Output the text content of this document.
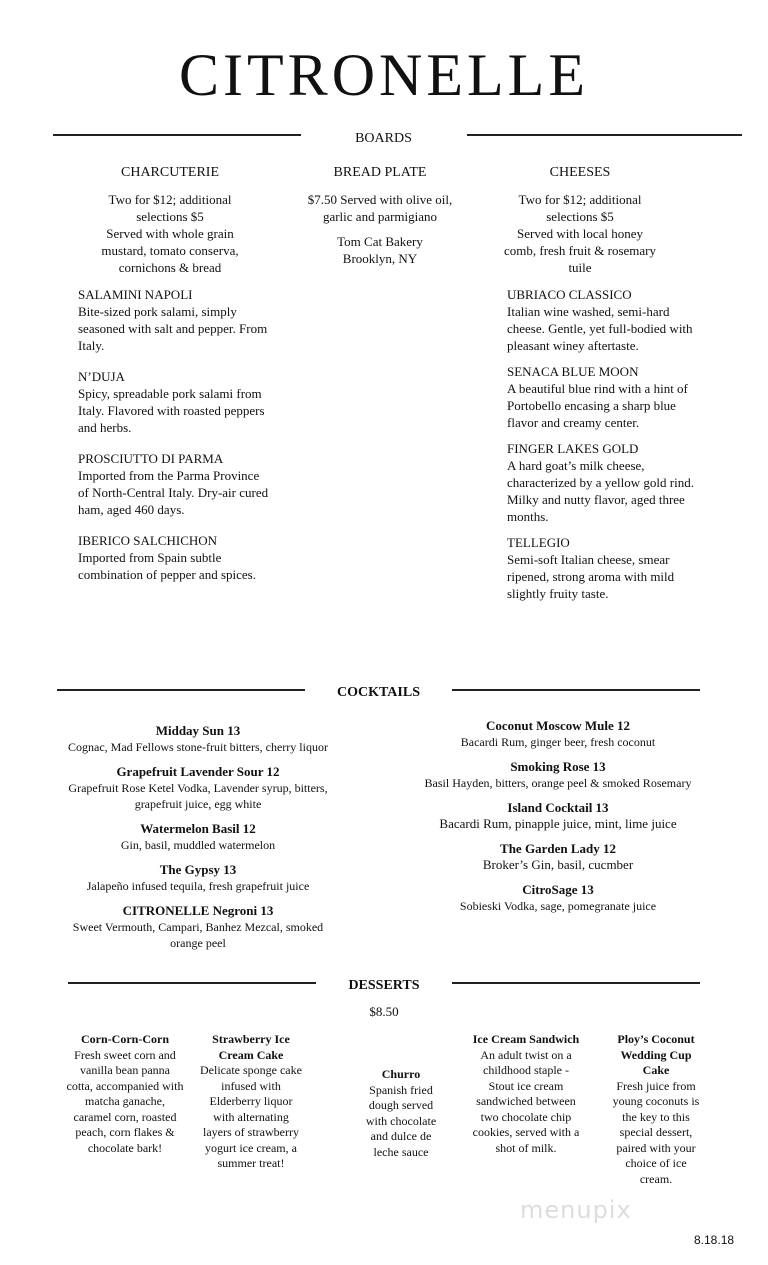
CITRONELLE
BOARDS
CHARCUTERIE
Two for $12; additional selections $5
Served with whole grain mustard, tomato conserva, cornichons & bread
BREAD PLATE

$7.50 Served with olive oil, garlic and parmigiano

Tom Cat Bakery
Brooklyn, NY
CHEESES
Two for $12; additional selections $5
Served with local honey comb, fresh fruit & rosemary tuile
SALAMINI NAPOLI
Bite-sized pork salami, simply seasoned with salt and pepper. From Italy.
N’DUJA
Spicy, spreadable pork salami from Italy. Flavored with roasted peppers and herbs.
PROSCIUTTO DI PARMA
Imported from the Parma Province of North-Central Italy. Dry-air cured ham, aged 460 days.
IBERICO SALCHICHON
Imported from Spain subtle combination of pepper and spices.
UBRIACO CLASSICO
Italian wine washed, semi-hard cheese. Gentle, yet full-bodied with pleasant winey aftertaste.
SENACA BLUE MOON
A beautiful blue rind with a hint of Portobello encasing a sharp blue flavor and creamy center.
FINGER LAKES GOLD
A hard goat’s milk cheese, characterized by a yellow gold rind. Milky and nutty flavor, aged three months.
TELLEGIO
Semi-soft Italian cheese, smear ripened, strong aroma with mild slightly fruity taste.
COCKTAILS
Midday Sun 13
Cognac, Mad Fellows stone-fruit bitters, cherry liquor
Grapefruit Lavender Sour 12
Grapefruit Rose Ketel Vodka, Lavender syrup, bitters, grapefruit juice, egg white
Watermelon Basil 12
Gin, basil, muddled watermelon
The Gypsy 13
Jalapeño infused tequila, fresh grapefruit juice
CITRONELLE Negroni 13
Sweet Vermouth, Campari, Banhez Mezcal, smoked orange peel
Coconut Moscow Mule 12
Bacardi Rum, ginger beer, fresh coconut
Smoking Rose 13
Basil Hayden, bitters, orange peel & smoked Rosemary
Island Cocktail 13
Bacardi Rum, pinapple juice, mint, lime juice
The Garden Lady 12
Broker’s Gin, basil, cucmber
CitroSage 13
Sobieski Vodka, sage, pomegranate juice
DESSERTS
$8.50
Corn-Corn-Corn
Fresh sweet corn and vanilla bean panna cotta, accompanied with matcha ganache, caramel corn, roasted peach, corn flakes & chocolate bark!
Strawberry Ice Cream Cake
Delicate sponge cake infused with Elderberry liquor with alternating layers of strawberry yogurt ice cream, a summer treat!
Churro
Spanish fried dough served with chocolate and dulce de leche sauce
Ice Cream Sandwich
An adult twist on a childhood staple - Stout ice cream sandwiched between two chocolate chip cookies, served with a shot of milk.
Ploy’s Coconut Wedding Cup Cake
Fresh juice from young coconuts is the key to this special dessert, paired with your choice of ice cream.
menupix
8.18.18
